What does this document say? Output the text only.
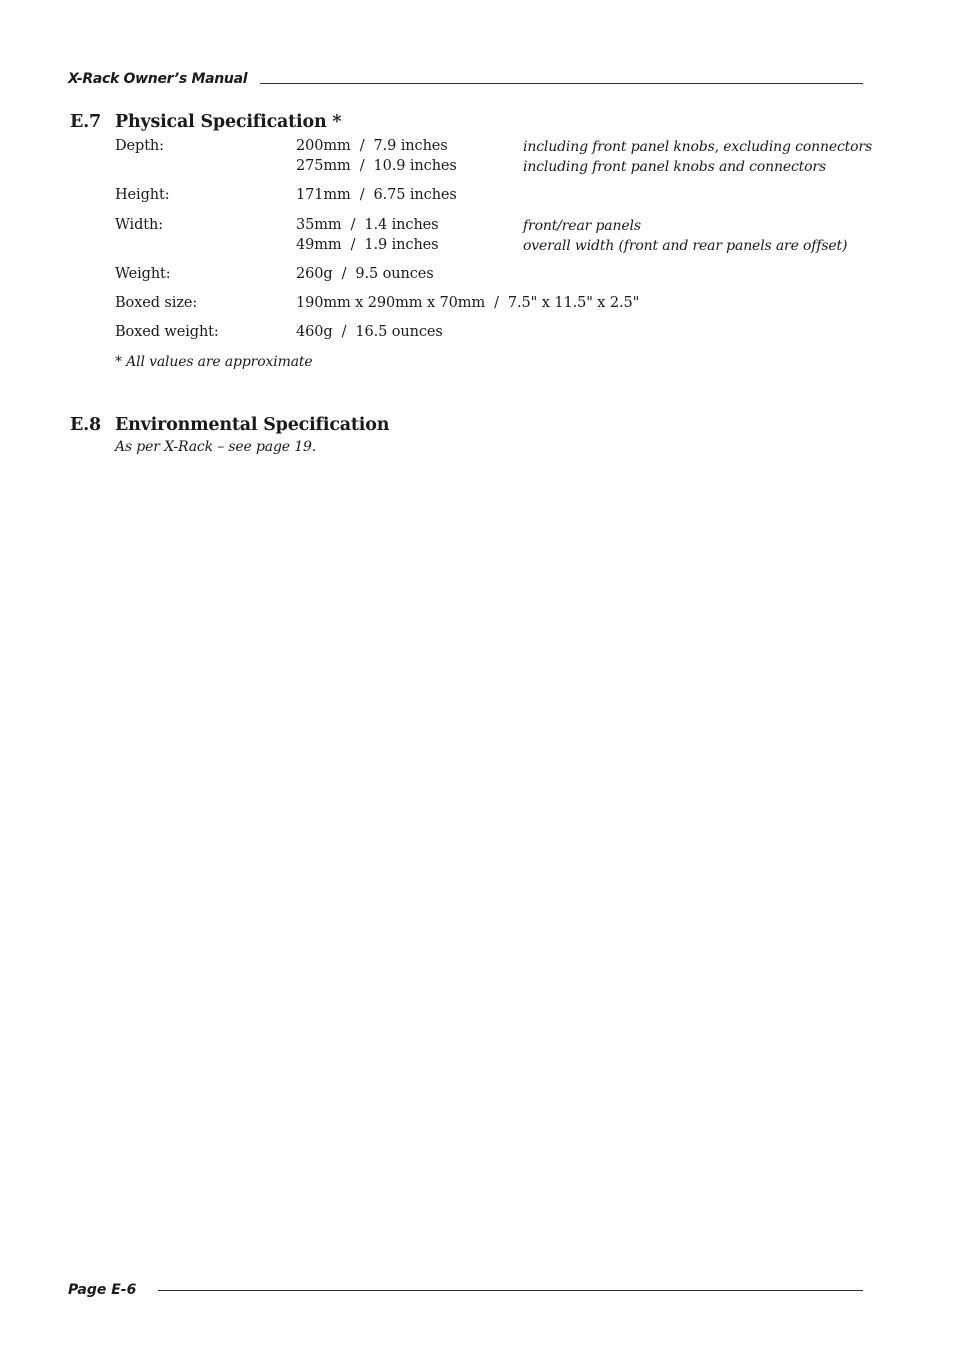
X-Rack Owner’s Manual
E.7 Physical Specification *
Depth:	200mm  /  7.9 inches	including front panel knobs, excluding connectors
275mm  /  10.9 inches	including front panel knobs and connectors
Height:	171mm  /  6.75 inches
Width:	35mm  /  1.4 inches	front/rear panels
49mm  /  1.9 inches	overall width (front and rear panels are offset)
Weight:	260g  /  9.5 ounces
Boxed size:	190mm x 290mm x 70mm  /  7.5" x 11.5" x 2.5"
Boxed weight:	460g  /  16.5 ounces
* All values are approximate
E.8 Environmental Specification
As per X-Rack – see page 19.
Page E-6
